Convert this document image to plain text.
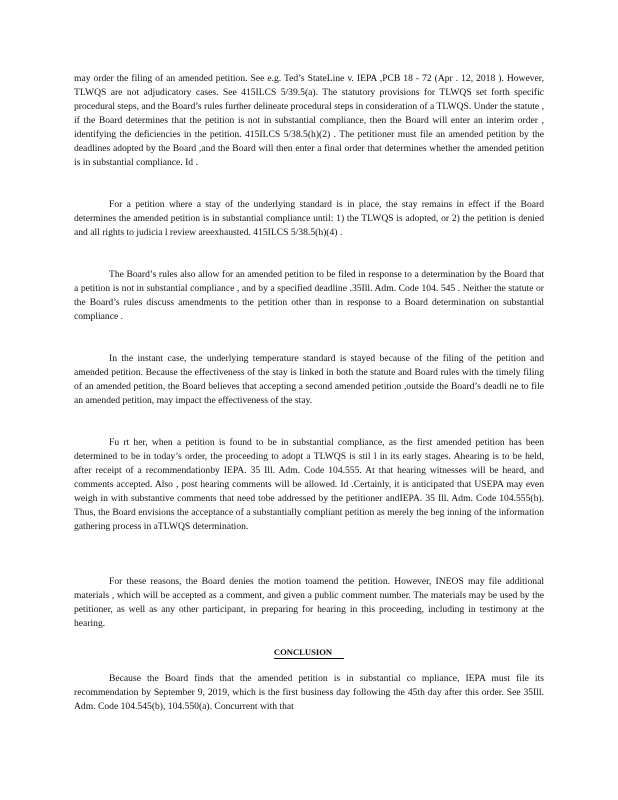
may order the filing of an amended petition. See e.g. Ted’s StateLine v. IEPA ,PCB 18 - 72 (Apr . 12, 2018 ). However, TLWQS are not adjudicatory cases. See 415ILCS 5/39.5(a). The statutory provisions for TLWQS set forth specific procedural steps, and the Board’s rules further delineate procedural steps in consideration of a TLWQS. Under the statute , if the Board determines that the petition is not in substantial compliance, then the Board will enter an interim order , identifying the deficiencies in the petition. 415ILCS 5/38.5(h)(2) . The petitioner must file an amended petition by the deadlines adopted by the Board ,and the Board will then enter a final order that determines whether the amended petition is in substantial compliance. Id .

For a petition where a stay of the underlying standard is in place, the stay remains in effect if the Board determines the amended petition is in substantial compliance until: 1) the TLWQS is adopted, or 2) the petition is denied and all rights to judicia l review areexhausted. 415ILCS 5/38.5(h)(4) .

The Board’s rules also allow for an amended petition to be filed in response to a determination by the Board that a petition is not in substantial compliance , and by a specified deadline .35Ill. Adm. Code 104. 545 . Neither the statute or the Board’s rules discuss amendments to the petition other than in response to a Board determination on substantial compliance .

In the instant case, the underlying temperature standard is stayed because of the filing of the petition and amended petition. Because the effectiveness of the stay is linked in both the statute and Board rules with the timely filing of an amended petition, the Board believes that accepting a second amended petition ,outside the Board’s deadli ne to file an amended petition, may impact the effectiveness of the stay.

Fu rt her, when a petition is found to be in substantial compliance, as the first amended petition has been determined to be in today’s order, the proceeding to adopt a TLWQS is stil l in its early stages. Ahearing is to be held, after receipt of a recommendationby IEPA. 35 Ill. Adm. Code 104.555. At that hearing witnesses will be heard, and comments accepted. Also , post hearing comments will be allowed. Id .Certainly, it is anticipated that USEPA may even weigh in with substantive comments that need tobe addressed by the petitioner andIEPA. 35 Ill. Adm. Code 104.555(h). Thus, the Board envisions the acceptance of a substantially compliant petition as merely the beg inning of the information gathering process in aTLWQS determination.

For these reasons, the Board denies the motion toamend the petition. However, INEOS may file additional materials , which will be accepted as a comment, and given a public comment number. The materials may be used by the petitioner, as well as any other participant, in preparing for hearing in this proceeding, including in testimony at the hearing.

CONCLUSION

Because the Board finds that the amended petition is in substantial co mpliance, IEPA must file its recommendation by September 9, 2019, which is the first business day following the 45th day after this order. See 35Ill. Adm. Code 104.545(b), 104.550(a). Concurrent with that
